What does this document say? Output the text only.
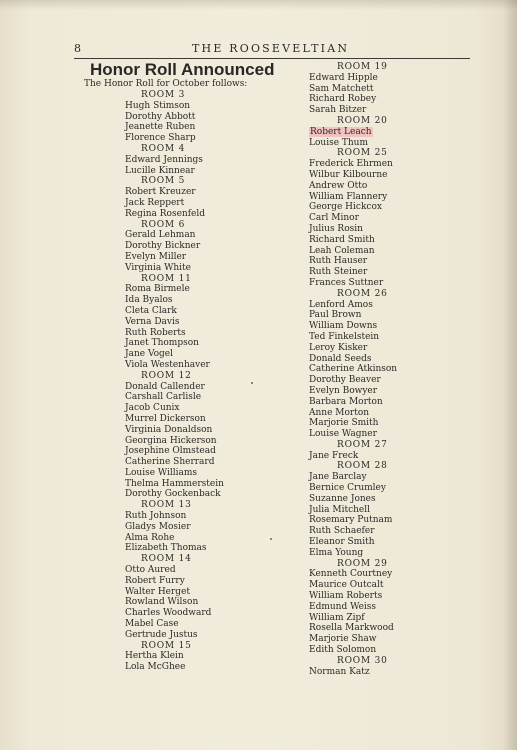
8	THE ROOSEVELTIAN
Honor Roll Announced
The Honor Roll for October follows:
ROOM 3
Hugh Stimson
Dorothy Abbott
Jeanette Ruben
Florence Sharp
ROOM 4
Edward Jennings
Lucille Kinnear
ROOM 5
Robert Kreuzer
Jack Reppert
Regina Rosenfeld
ROOM 6
Gerald Lehman
Dorothy Bickner
Evelyn Miller
Virginia White
ROOM 11
Roma Birmele
Ida Byalos
Cleta Clark
Verna Davis
Ruth Roberts
Janet Thompson
Jane Vogel
Viola Westenhaver
ROOM 12
Donald Callender
Carshall Carlisle
Jacob Cunix
Murrel Dickerson
Virginia Donaldson
Georgina Hickerson
Josephine Olmstead
Catherine Sherrard
Louise Williams
Thelma Hammerstein
Dorothy Gockenback
ROOM 13
Ruth Johnson
Gladys Mosier
Alma Rohe
Elizabeth Thomas
ROOM 14
Otto Aured
Robert Furry
Walter Herget
Rowland Wilson
Charles Woodward
Mabel Case
Gertrude Justus
ROOM 15
Hertha Klein
Lola McGhee
ROOM 19
Edward Hipple
Sam Matchett
Richard Robey
Sarah Bitzer
ROOM 20
Robert Leach
Louise Thum
ROOM 25
Frederick Ehrmen
Wilbur Kilbourne
Andrew Otto
William Flannery
George Hickcox
Carl Minor
Julius Rosin
Richard Smith
Leah Coleman
Ruth Hauser
Ruth Steiner
Frances Suttner
ROOM 26
Lenford Amos
Paul Brown
William Downs
Ted Finkelstein
Leroy Kisker
Donald Seeds
Catherine Atkinson
Dorothy Beaver
Evelyn Bowyer
Barbara Morton
Anne Morton
Marjorie Smith
Louise Wagner
ROOM 27
Jane Freck
ROOM 28
Jane Barclay
Bernice Crumley
Suzanne Jones
Julia Mitchell
Rosemary Putnam
Ruth Schaefer
Eleanor Smith
Elma Young
ROOM 29
Kenneth Courtney
Maurice Outcalt
William Roberts
Edmund Weiss
William Zipf
Rosella Markwood
Marjorie Shaw
Edith Solomon
ROOM 30
Norman Katz
